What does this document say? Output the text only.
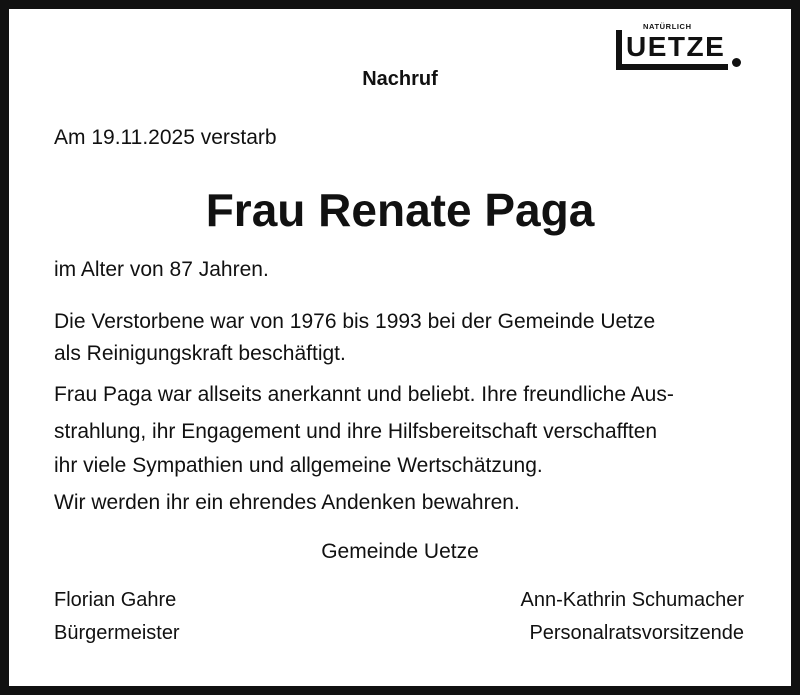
NATÜRLICH
UETZE
Nachruf
Am 19.11.2025 verstarb
Frau Renate Paga
im Alter von 87 Jahren.
Die Verstorbene war von 1976 bis 1993 bei der Gemeinde Uetze
als Reinigungskraft beschäftigt.
Frau Paga war allseits anerkannt und beliebt. Ihre freundliche Aus-
strahlung, ihr Engagement und ihre Hilfsbereitschaft verschafften
ihr viele Sympathien und allgemeine Wertschätzung.
Wir werden ihr ein ehrendes Andenken bewahren.
Gemeinde Uetze
Florian Gahre
Bürgermeister
Ann-Kathrin Schumacher
Personalratsvorsitzende
